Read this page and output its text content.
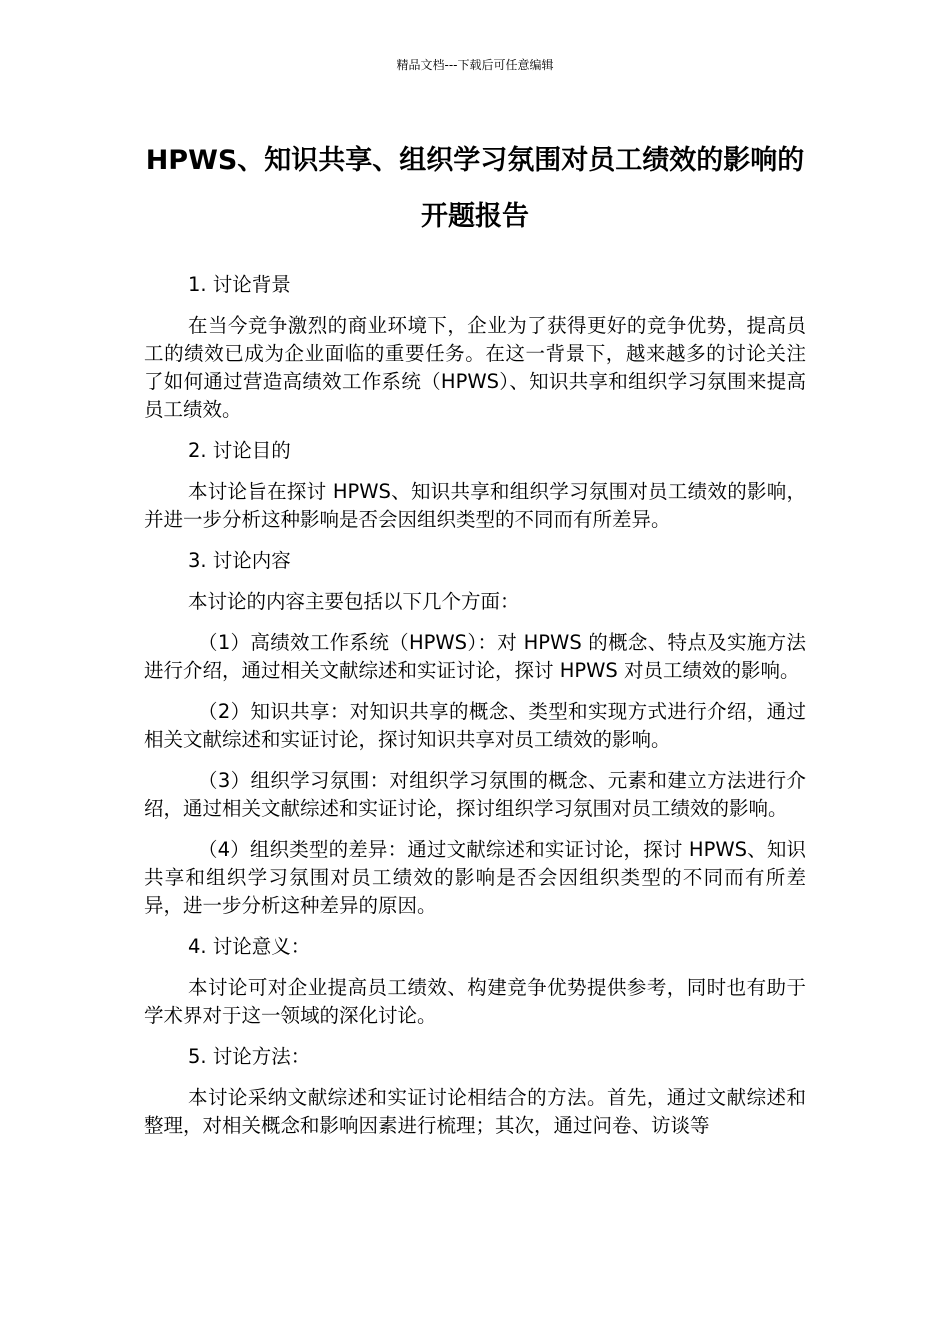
精品文档---下载后可任意编辑
HPWS、知识共享、组织学习氛围对员工绩效的影响的开题报告

1. 讨论背景

在当今竞争激烈的商业环境下，企业为了获得更好的竞争优势，提高员工的绩效已成为企业面临的重要任务。在这一背景下，越来越多的讨论关注了如何通过营造高绩效工作系统（HPWS）、知识共享和组织学习氛围来提高员工绩效。

2. 讨论目的

本讨论旨在探讨 HPWS、知识共享和组织学习氛围对员工绩效的影响，并进一步分析这种影响是否会因组织类型的不同而有所差异。

3. 讨论内容

本讨论的内容主要包括以下几个方面：

（1）高绩效工作系统（HPWS）：对 HPWS 的概念、特点及实施方法进行介绍，通过相关文献综述和实证讨论，探讨 HPWS 对员工绩效的影响。

（2）知识共享：对知识共享的概念、类型和实现方式进行介绍，通过相关文献综述和实证讨论，探讨知识共享对员工绩效的影响。

（3）组织学习氛围：对组织学习氛围的概念、元素和建立方法进行介绍，通过相关文献综述和实证讨论，探讨组织学习氛围对员工绩效的影响。

（4）组织类型的差异：通过文献综述和实证讨论，探讨 HPWS、知识共享和组织学习氛围对员工绩效的影响是否会因组织类型的不同而有所差异，进一步分析这种差异的原因。

4. 讨论意义：

本讨论可对企业提高员工绩效、构建竞争优势提供参考，同时也有助于学术界对于这一领域的深化讨论。

5. 讨论方法：

本讨论采纳文献综述和实证讨论相结合的方法。首先，通过文献综述和整理，对相关概念和影响因素进行梳理；其次，通过问卷、访谈等
